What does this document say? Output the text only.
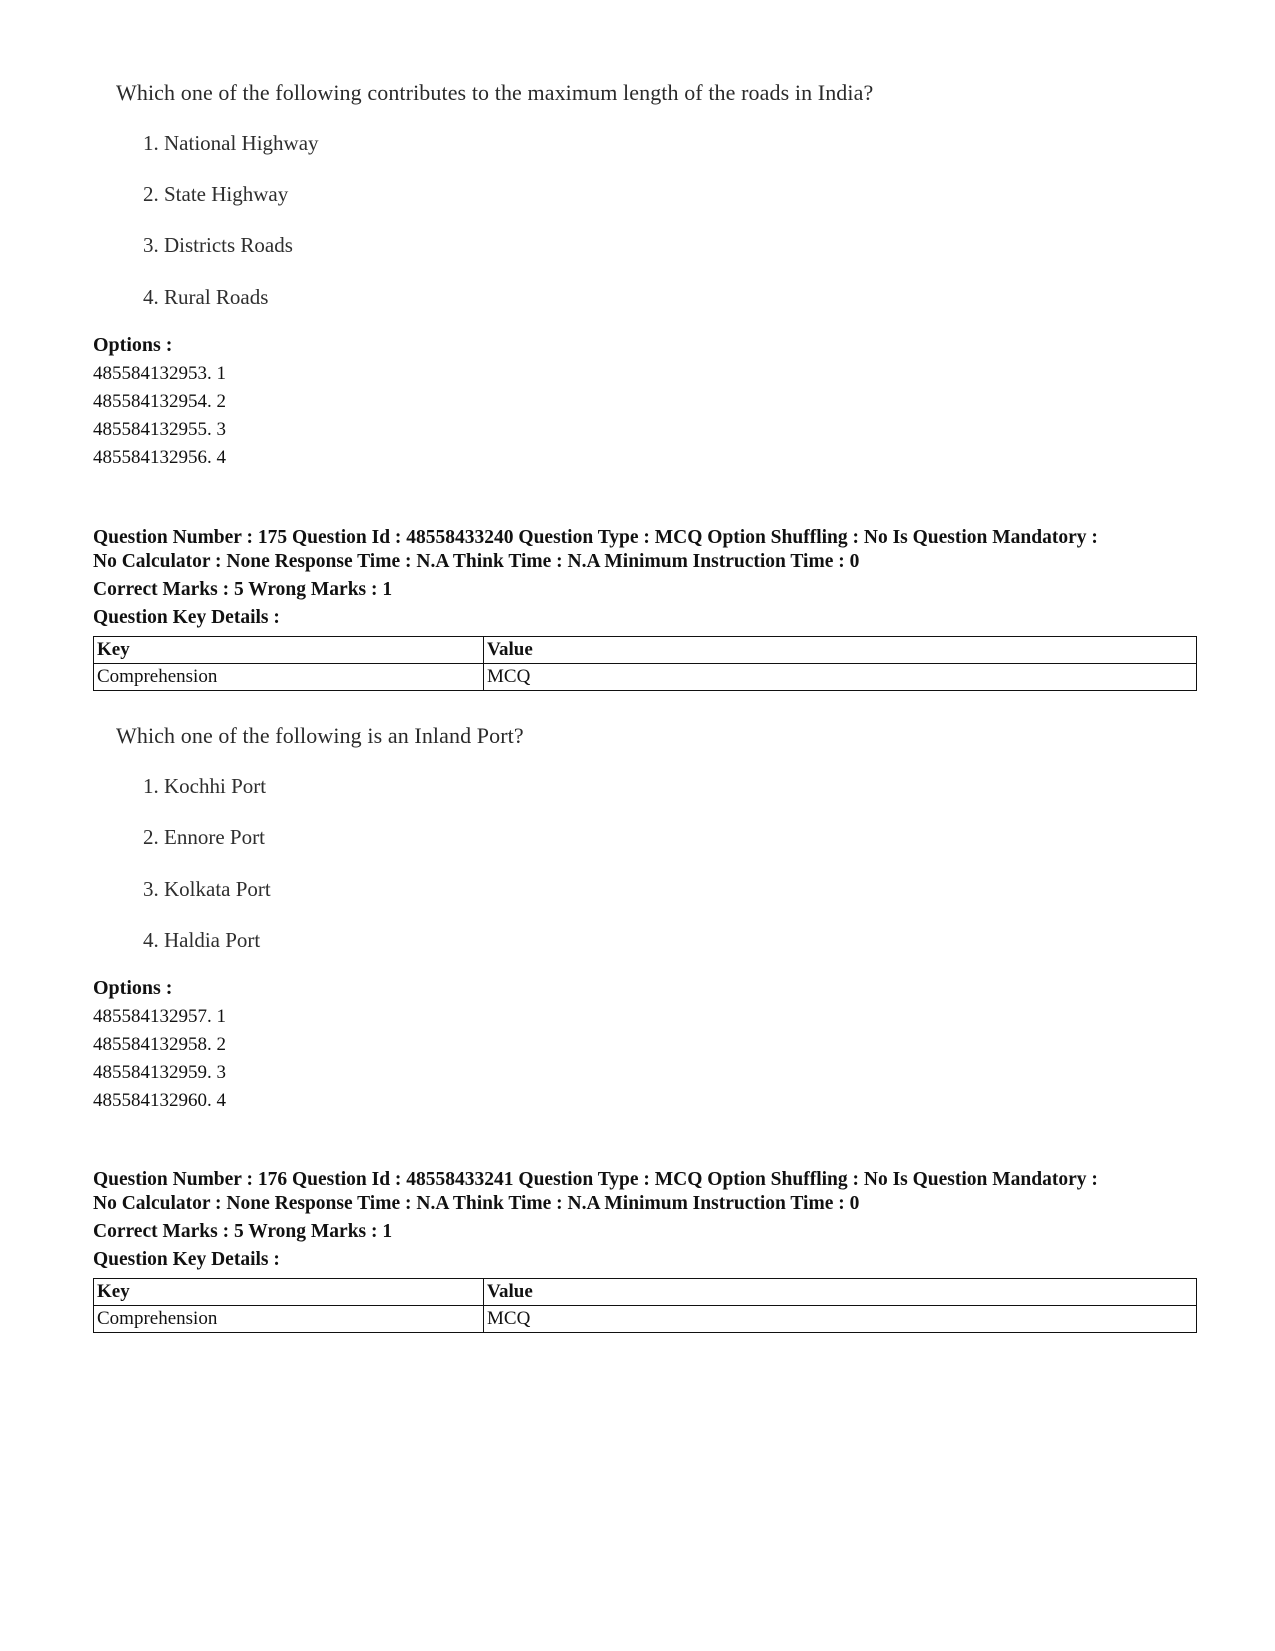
Which one of the following contributes to the maximum length of the roads in India?
1. National Highway
2. State Highway
3. Districts Roads
4. Rural Roads
Options :
485584132953. 1
485584132954. 2
485584132955. 3
485584132956. 4
Question Number : 175 Question Id : 48558433240 Question Type : MCQ Option Shuffling : No Is Question Mandatory :
No Calculator : None Response Time : N.A Think Time : N.A Minimum Instruction Time : 0
Correct Marks : 5 Wrong Marks : 1
Question Key Details :
Key	Value
Comprehension	MCQ
Which one of the following is an Inland Port?
1. Kochhi Port
2. Ennore Port
3. Kolkata Port
4. Haldia Port
Options :
485584132957. 1
485584132958. 2
485584132959. 3
485584132960. 4
Question Number : 176 Question Id : 48558433241 Question Type : MCQ Option Shuffling : No Is Question Mandatory :
No Calculator : None Response Time : N.A Think Time : N.A Minimum Instruction Time : 0
Correct Marks : 5 Wrong Marks : 1
Question Key Details :
Key	Value
Comprehension	MCQ
